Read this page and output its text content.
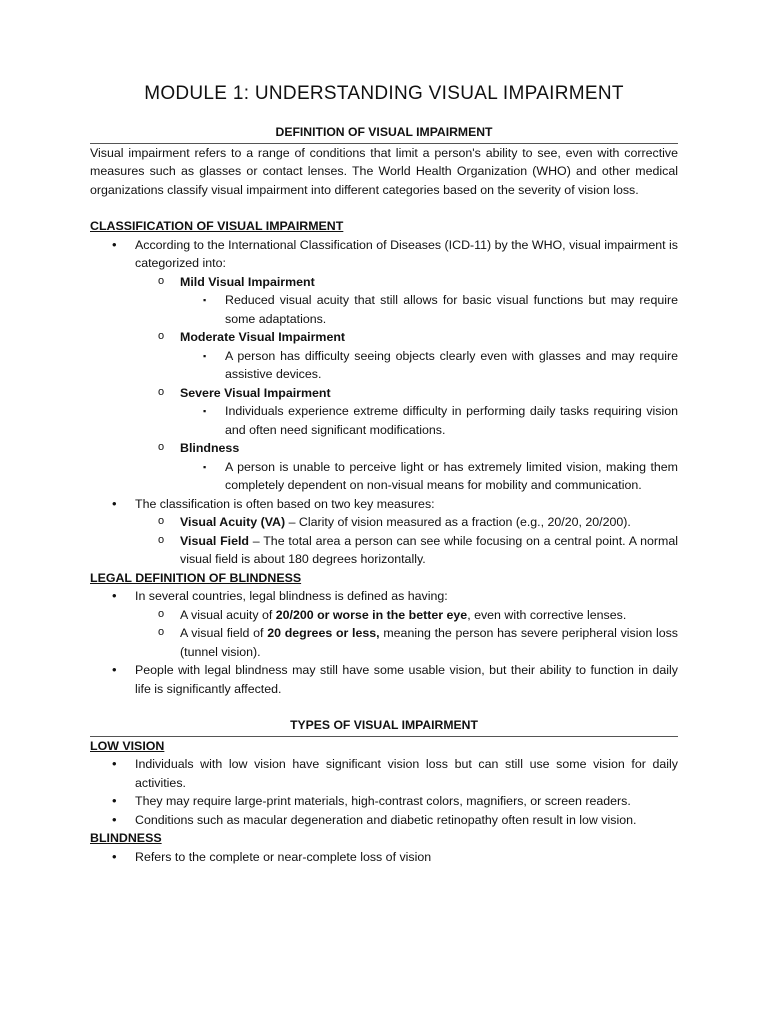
MODULE 1: UNDERSTANDING VISUAL IMPAIRMENT
DEFINITION OF VISUAL IMPAIRMENT

Visual impairment refers to a range of conditions that limit a person's ability to see, even with corrective measures such as glasses or contact lenses. The World Health Organization (WHO) and other medical organizations classify visual impairment into different categories based on the severity of vision loss.

CLASSIFICATION OF VISUAL IMPAIRMENT
• According to the International Classification of Diseases (ICD-11) by the WHO, visual impairment is categorized into:
o Mild Visual Impairment
▪ Reduced visual acuity that still allows for basic visual functions but may require some adaptations.
o Moderate Visual Impairment
▪ A person has difficulty seeing objects clearly even with glasses and may require assistive devices.
o Severe Visual Impairment
▪ Individuals experience extreme difficulty in performing daily tasks requiring vision and often need significant modifications.
o Blindness
▪ A person is unable to perceive light or has extremely limited vision, making them completely dependent on non-visual means for mobility and communication.
• The classification is often based on two key measures:
o Visual Acuity (VA) – Clarity of vision measured as a fraction (e.g., 20/20, 20/200).
o Visual Field – The total area a person can see while focusing on a central point. A normal visual field is about 180 degrees horizontally.
LEGAL DEFINITION OF BLINDNESS
• In several countries, legal blindness is defined as having:
o A visual acuity of 20/200 or worse in the better eye, even with corrective lenses.
o A visual field of 20 degrees or less, meaning the person has severe peripheral vision loss (tunnel vision).
• People with legal blindness may still have some usable vision, but their ability to function in daily life is significantly affected.
TYPES OF VISUAL IMPAIRMENT
LOW VISION
• Individuals with low vision have significant vision loss but can still use some vision for daily activities.
• They may require large-print materials, high-contrast colors, magnifiers, or screen readers.
• Conditions such as macular degeneration and diabetic retinopathy often result in low vision.
BLINDNESS
• Refers to the complete or near-complete loss of vision
